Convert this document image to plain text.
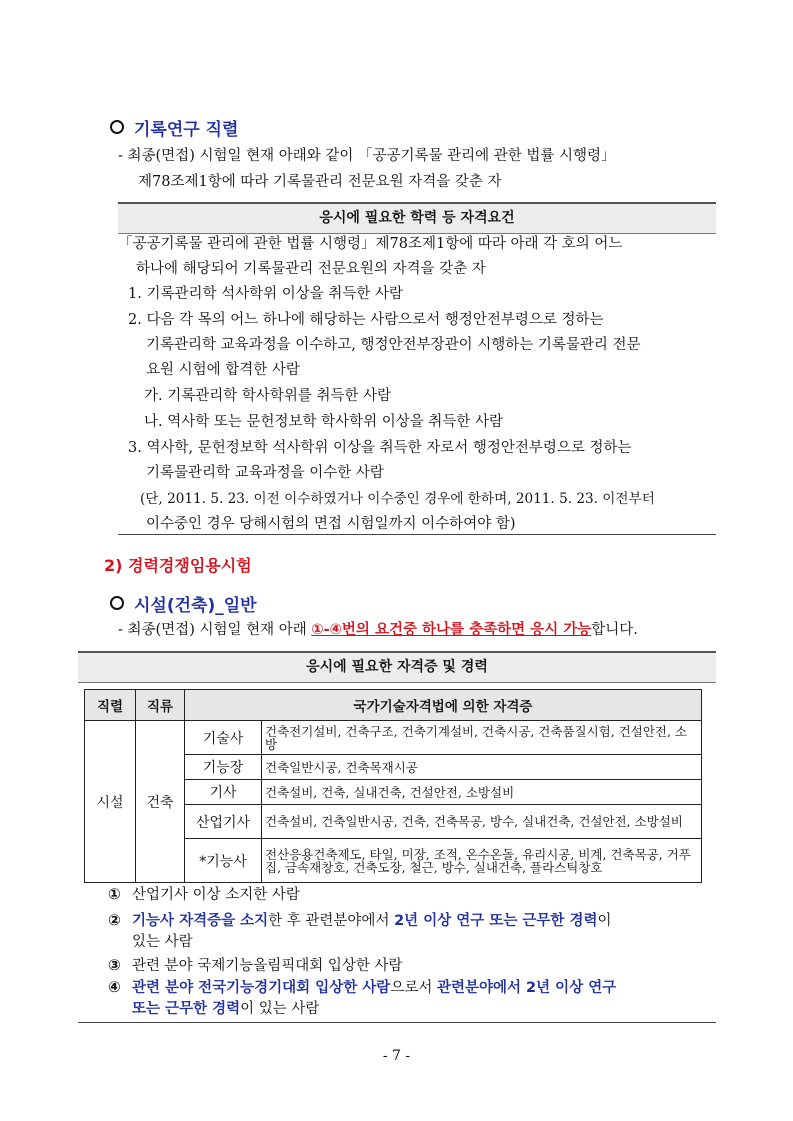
기록연구 직렬
- 최종(면접) 시험일 현재 아래와 같이 「공공기록물 관리에 관한 법률 시행령」
제78조제1항에 따라 기록물관리 전문요원 자격을 갖춘 자
응시에 필요한 학력 등 자격요건
「공공기록물 관리에 관한 법률 시행령」제78조제1항에 따라 아래 각 호의 어느
하나에 해당되어 기록물관리 전문요원의 자격을 갖춘 자
1. 기록관리학 석사학위 이상을 취득한 사람
2. 다음 각 목의 어느 하나에 해당하는 사람으로서 행정안전부령으로 정하는
기록관리학 교육과정을 이수하고, 행정안전부장관이 시행하는 기록물관리 전문
요원 시험에 합격한 사람
가. 기록관리학 학사학위를 취득한 사람
나. 역사학 또는 문헌정보학 학사학위 이상을 취득한 사람
3. 역사학, 문헌정보학 석사학위 이상을 취득한 자로서 행정안전부령으로 정하는
기록물관리학 교육과정을 이수한 사람
(단, 2011. 5. 23. 이전 이수하였거나 이수중인 경우에 한하며, 2011. 5. 23. 이전부터
이수중인 경우 당해시험의 면접 시험일까지 이수하여야 함)
2) 경력경쟁임용시험
시설(건축)_일반
- 최종(면접) 시험일 현재 아래 ①-④번의 요건중 하나를 충족하면 응시 가능합니다.
응시에 필요한 자격증 및 경력
직렬	직류	국가기술자격법에 의한 자격증	
시설	건축	기술사	건축전기설비, 건축구조, 건축기계설비, 건축시공, 건축품질시험, 건설안전, 소방
		기능장	건축일반시공, 건축목재시공
		기사	건축설비, 건축, 실내건축, 건설안전, 소방설비
		산업기사	건축설비, 건축일반시공, 건축, 건축목공, 방수, 실내건축, 건설안전, 소방설비
		*기능사	전산응용건축제도, 타일, 미장, 조적, 온수온돌, 유리시공, 비계, 건축목공, 거푸집, 금속재창호, 건축도장, 철근, 방수, 실내건축, 플라스틱창호
① 산업기사 이상 소지한 사람
② 기능사 자격증을 소지한 후 관련분야에서 2년 이상 연구 또는 근무한 경력이
있는 사람
③ 관련 분야 국제기능올림픽대회 입상한 사람
④ 관련 분야 전국기능경기대회 입상한 사람으로서 관련분야에서 2년 이상 연구
또는 근무한 경력이 있는 사람
- 7 -
